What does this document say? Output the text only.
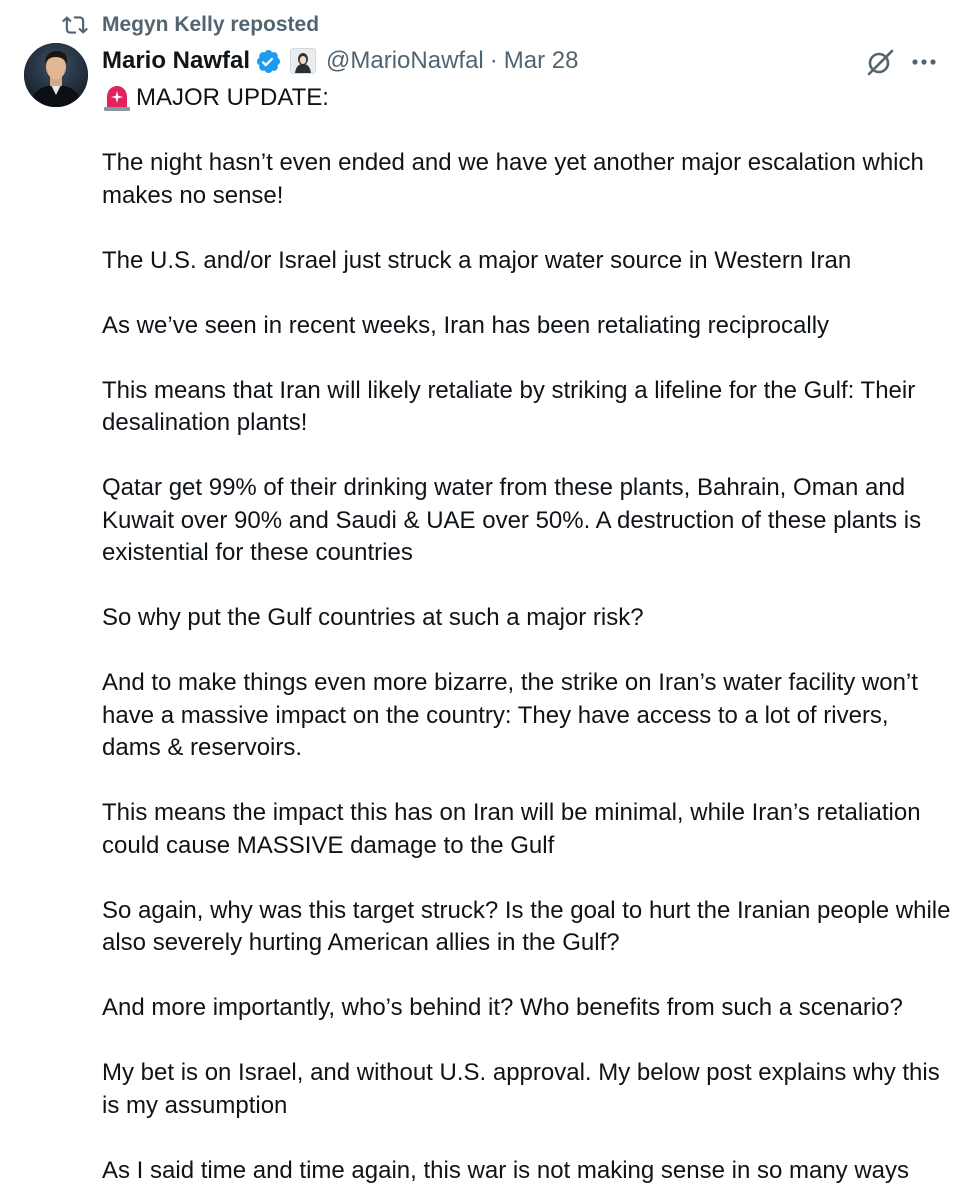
Megyn Kelly reposted
Mario Nawfal	@MarioNawfal · Mar 28

MAJOR UPDATE:

The night hasn’t even ended and we have yet another major escalation which makes no sense!

The U.S. and/or Israel just struck a major water source in Western Iran

As we’ve seen in recent weeks, Iran has been retaliating reciprocally

This means that Iran will likely retaliate by striking a lifeline for the Gulf: Their desalination plants!

Qatar get 99% of their drinking water from these plants, Bahrain, Oman and Kuwait over 90% and Saudi & UAE over 50%. A destruction of these plants is existential for these countries

So why put the Gulf countries at such a major risk?

And to make things even more bizarre, the strike on Iran’s water facility won’t have a massive impact on the country: They have access to a lot of rivers, dams & reservoirs.

This means the impact this has on Iran will be minimal, while Iran’s retaliation could cause MASSIVE damage to the Gulf

So again, why was this target struck? Is the goal to hurt the Iranian people while also severely hurting American allies in the Gulf?

And more importantly, who’s behind it? Who benefits from such a scenario?

My bet is on Israel, and without U.S. approval. My below post explains why this is my assumption

As I said time and time again, this war is not making sense in so many ways
